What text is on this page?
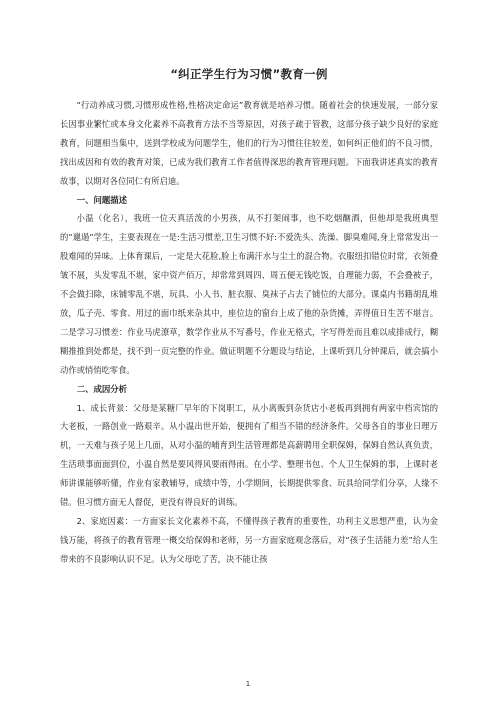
“纠正学生行为习惯”教育一例

“行动养成习惯,习惯形成性格,性格决定命运”教育就是培养习惯。随着社会的快速发展，一部分家长因事业繁忙或本身文化素养不高教育方法不当等原因，对孩子疏于管教，这部分孩子缺少良好的家庭教育，问题相当集中，送到学校成为问题学生，他们的行为习惯往往较差，如何纠正他们的不良习惯，找出成因和有效的教育对策，已成为我们教育工作者值得深思的教育管理问题。下面我讲述真实的教育故事，以期对各位同仁有所启迪。

一、问题描述

小温（化名），我班一位天真活泼的小男孩，从不打架闹事，也不吃烟酗酒，但他却是我班典型的“邋遢”学生，主要表现在一是:生活习惯差,卫生习惯不好:不爱洗头、洗澡、脚臭难闻,身上常常发出一股难闻的异味。上体育课后，一定是大花脸,脸上布满汗水与尘土的混合物。衣服纽扣错位时常，衣领叠皱不展，头发零乱不堪，家中资产佰万，却常常到周四、周五便无钱吃饭，自理能力弱，不会叠被子，不会做扫除，床铺零乱不堪，玩具、小人书、脏衣服、臭袜子占去了铺位的大部分。课桌内书籍胡乱堆放，瓜子壳、零食、用过的面巾纸来杂其中，座位边的窗台上成了他的杂货摊，弄得值日生苦不堪言。二是学习习惯差：作业马虎潦草，数学作业从不写番号，作业无格式，字写得差而且难以成排成行，糊糊推推到处都是，找不到一页完整的作业。做证明题不分题设与结论，上课听到几分钟课后，就会搞小动作或悄悄吃零食。

二、成因分析

1、成长背景：父母是某糖厂早年的下岗职工，从小离贩到杂货店小老板再到拥有两家中档宾馆的大老板，一路创业一路艰辛。从小温出世开始，便拥有了相当不错的经济条件。父母各自的事业日理万机，一天难与孩子见上几面，从对小温的哺育到生活管理都是高薪聘用全职保姆，保姆自然认真负责，生活琐事面面到位，小温自然是要风得风要雨得雨。在小学、整理书包、个人卫生保姆的事，上课时老师讲课能够听懂，作业有家教辅导，成绩中等，小学期间，长期提供零食、玩具给同学们分享，人缘不错。但习惯方面无人督促，更没有得良好的训练。

2、家庭因素：一方面家长文化素养不高，不懂得孩子教育的重要性，功利主义思想严重，认为金钱万能，将孩子的教育管理一概交给保姆和老师，另一方面家庭观念落后，对“孩子生活能力差”给人生带来的不良影响认识不足。认为父母吃了苦，决不能让孩

1
